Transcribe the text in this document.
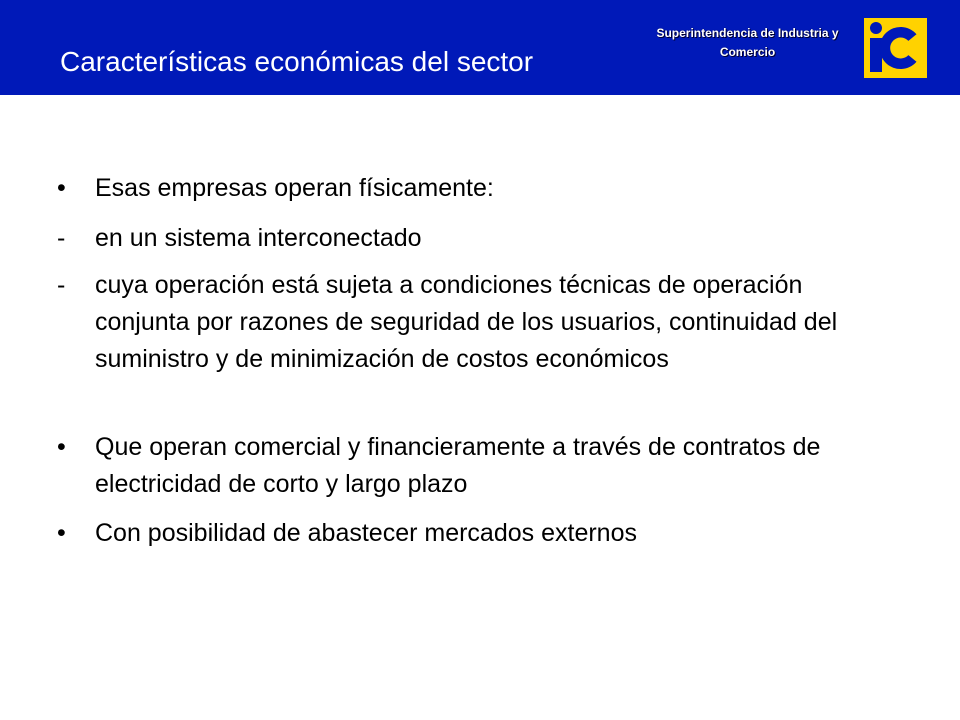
Características económicas del sector
Superintendencia de Industria y
Comercio
• Esas empresas operan físicamente:
- en un sistema interconectado
- cuya operación está sujeta a condiciones técnicas de operación conjunta por razones de seguridad de los usuarios, continuidad del suministro y de minimización de costos económicos
• Que operan comercial y financieramente a través de contratos de electricidad de corto y largo plazo
• Con posibilidad de abastecer mercados externos
